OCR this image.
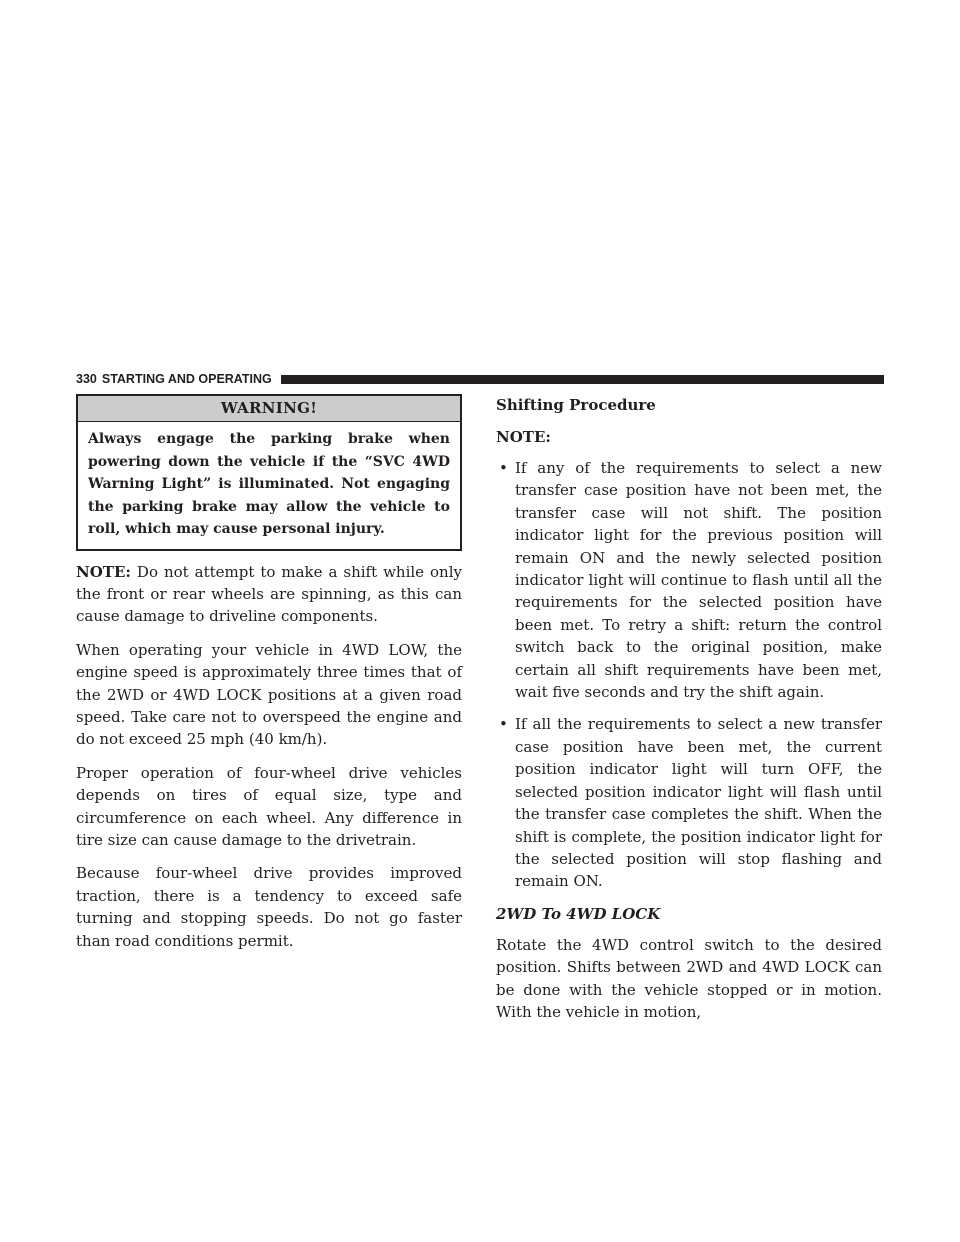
330 STARTING AND OPERATING
WARNING!
Always engage the parking brake when powering down the vehicle if the “SVC 4WD Warning Light” is illuminated. Not engaging the parking brake may allow the vehicle to roll, which may cause personal injury.

NOTE: Do not attempt to make a shift while only the front or rear wheels are spinning, as this can cause damage to driveline components.

When operating your vehicle in 4WD LOW, the engine speed is approximately three times that of the 2WD or 4WD LOCK positions at a given road speed. Take care not to overspeed the engine and do not exceed 25 mph (40 km/h).

Proper operation of four-wheel drive vehicles depends on tires of equal size, type and circumference on each wheel. Any difference in tire size can cause damage to the drivetrain.

Because four-wheel drive provides improved traction, there is a tendency to exceed safe turning and stopping speeds. Do not go faster than road conditions permit.

Shifting Procedure
NOTE:
• If any of the requirements to select a new transfer case position have not been met, the transfer case will not shift. The position indicator light for the previous position will remain ON and the newly selected position indicator light will continue to flash until all the requirements for the selected position have been met. To retry a shift: return the control switch back to the original position, make certain all shift requirements have been met, wait five seconds and try the shift again.
• If all the requirements to select a new transfer case position have been met, the current position indicator light will turn OFF, the selected position indicator light will flash until the transfer case completes the shift. When the shift is complete, the position indicator light for the selected position will stop flashing and remain ON.
2WD To 4WD LOCK

Rotate the 4WD control switch to the desired position. Shifts between 2WD and 4WD LOCK can be done with the vehicle stopped or in motion. With the vehicle in motion,
